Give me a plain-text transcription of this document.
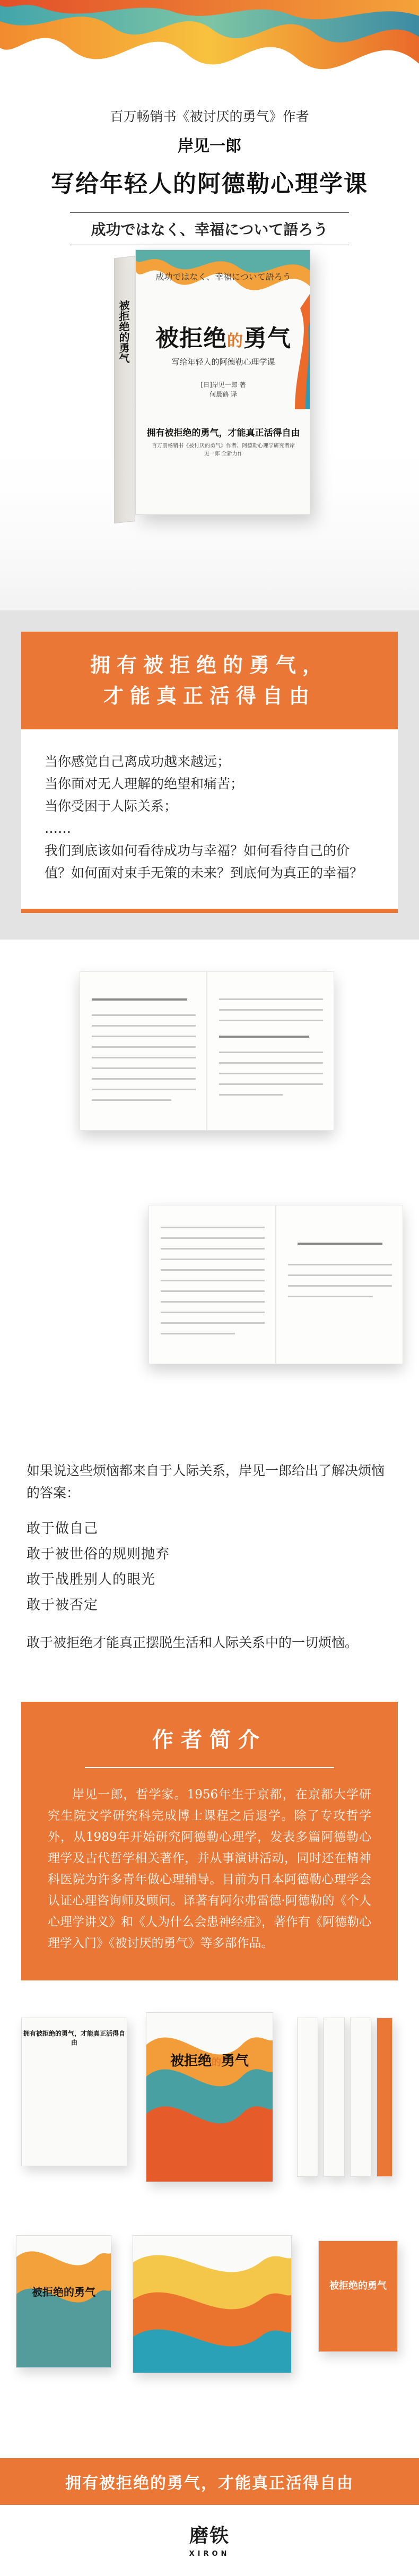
百万畅销书《被讨厌的勇气》作者
岸见一郎
写给年轻人的阿德勒心理学课
成功ではなく、幸福について語ろう
被拒绝的勇气
成功ではなく、幸福について語ろう
被拒绝的勇气
写给年轻人的阿德勒心理学课
[日]岸见一郎 著
何晨鹤 译
拥有被拒绝的勇气，才能真正活得自由
百万册畅销书《被讨厌的勇气》作者、阿德勒心理学研究者岸见一郎 全新力作
拥有被拒绝的勇气，
才能真正活得自由
当你感觉自己离成功越来越远；
当你面对无人理解的绝望和痛苦；
当你受困于人际关系；
……
我们到底该如何看待成功与幸福？如何看待自己的价值？如何面对束手无策的未来？到底何为真正的幸福？
如果说这些烦恼都来自于人际关系，岸见一郎给出了解决烦恼的答案：
敢于做自己
敢于被世俗的规则抛弃
敢于战胜别人的眼光
敢于被否定
敢于被拒绝才能真正摆脱生活和人际关系中的一切烦恼。
作者简介
岸见一郎，哲学家。1956年生于京都，在京都大学研究生院文学研究科完成博士课程之后退学。除了专攻哲学外，从1989年开始研究阿德勒心理学，发表多篇阿德勒心理学及古代哲学相关著作，并从事演讲活动，同时还在精神科医院为许多青年做心理辅导。目前为日本阿德勒心理学会认证心理咨询师及顾问。译著有阿尔弗雷德·阿德勒的《个人心理学讲义》和《人为什么会患神经症》，著作有《阿德勒心理学入门》《被讨厌的勇气》等多部作品。
拥有被拒绝的勇气，才能真正活得自由
被拒绝的勇气
被拒绝的勇气	被拒绝的勇气
拥有被拒绝的勇气，才能真正活得自由
磨铁
XIRON
